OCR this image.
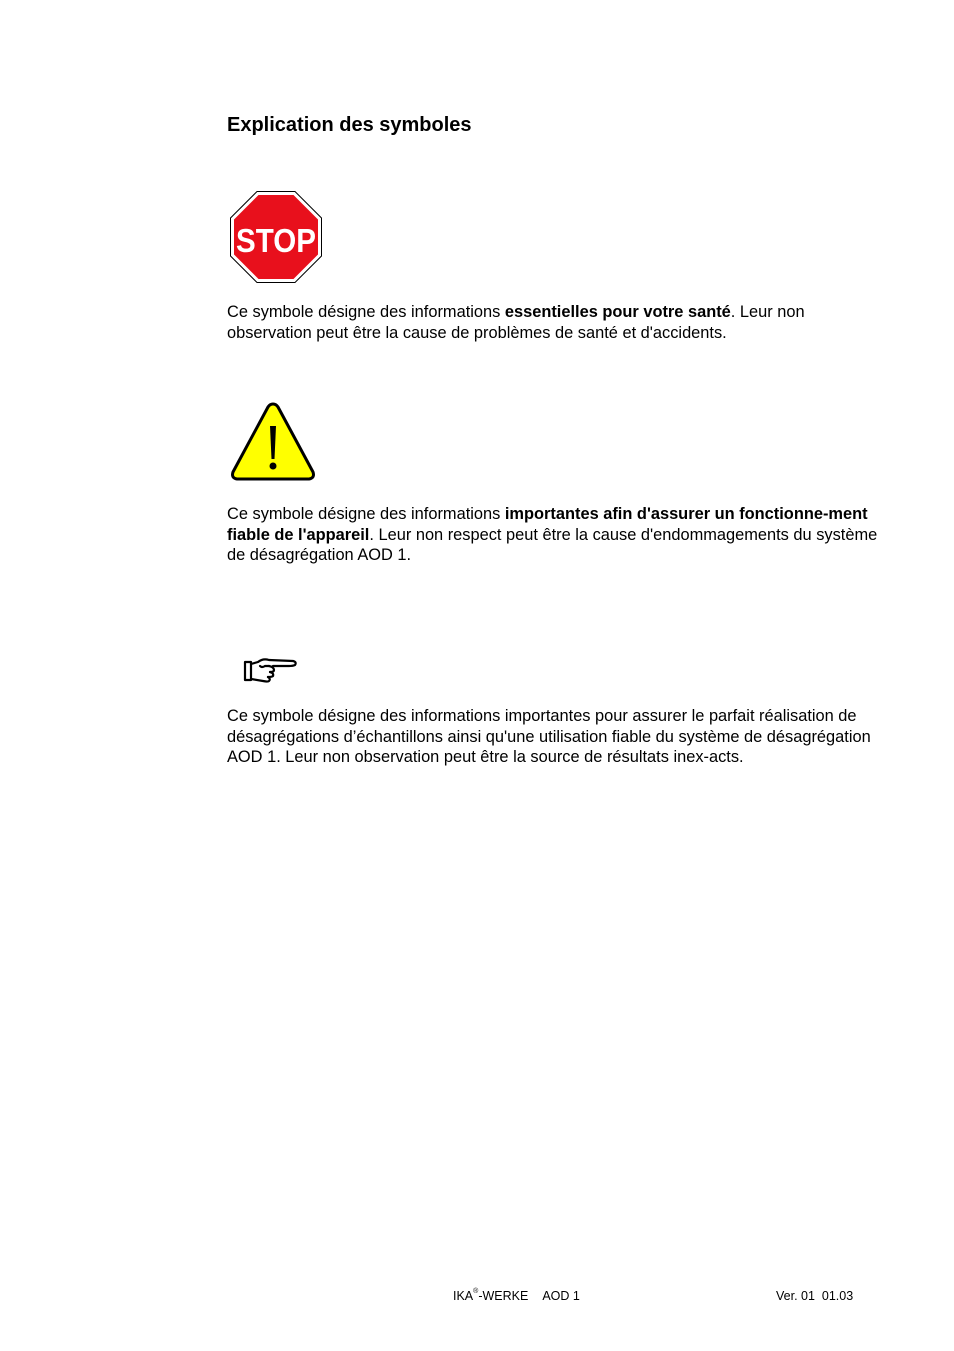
Explication des symboles
STOP

Ce symbole désigne des informations essentielles pour votre santé. Leur non observation peut être la cause de problèmes de santé et d'accidents.

Ce symbole désigne des informations importantes afin d'assurer un fonctionne-ment fiable de l'appareil. Leur non respect peut être la cause d'endommagements du système de désagrégation AOD 1.

Ce symbole désigne des informations importantes pour assurer le parfait réalisation de désagrégations d’échantillons ainsi qu'une utilisation fiable du système de désagrégation AOD 1. Leur non observation peut être la source de résultats inex-acts.

IKA®-WERKE AOD 1	Ver. 01 01.03
